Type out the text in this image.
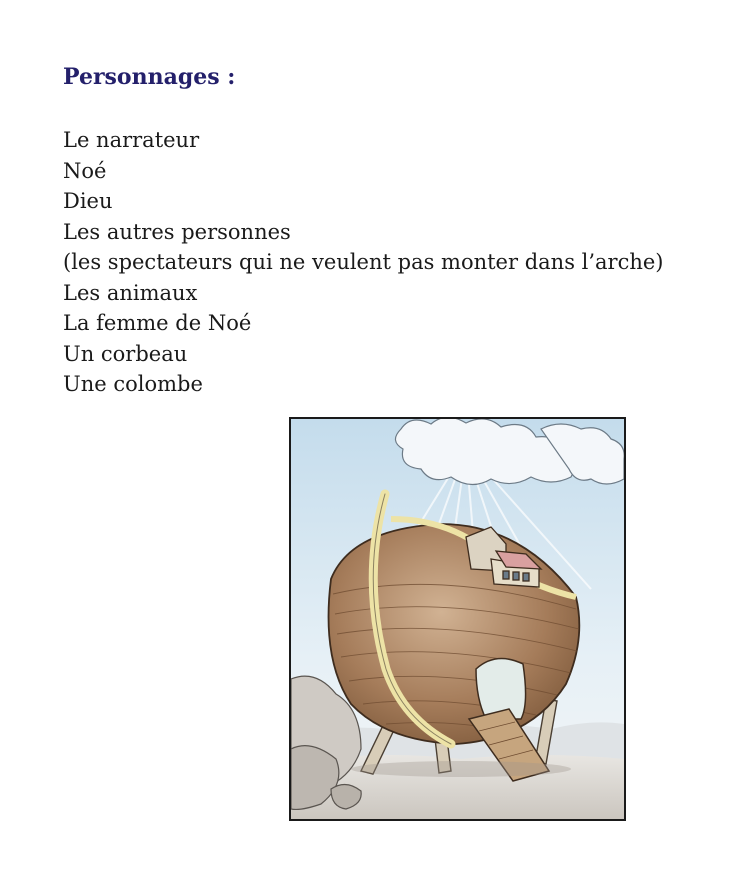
Personnages :
Le narrateur
Noé
Dieu
Les autres personnes
(les spectateurs qui ne veulent pas monter dans l’arche)
Les animaux
La femme de Noé
Un corbeau
Une colombe
